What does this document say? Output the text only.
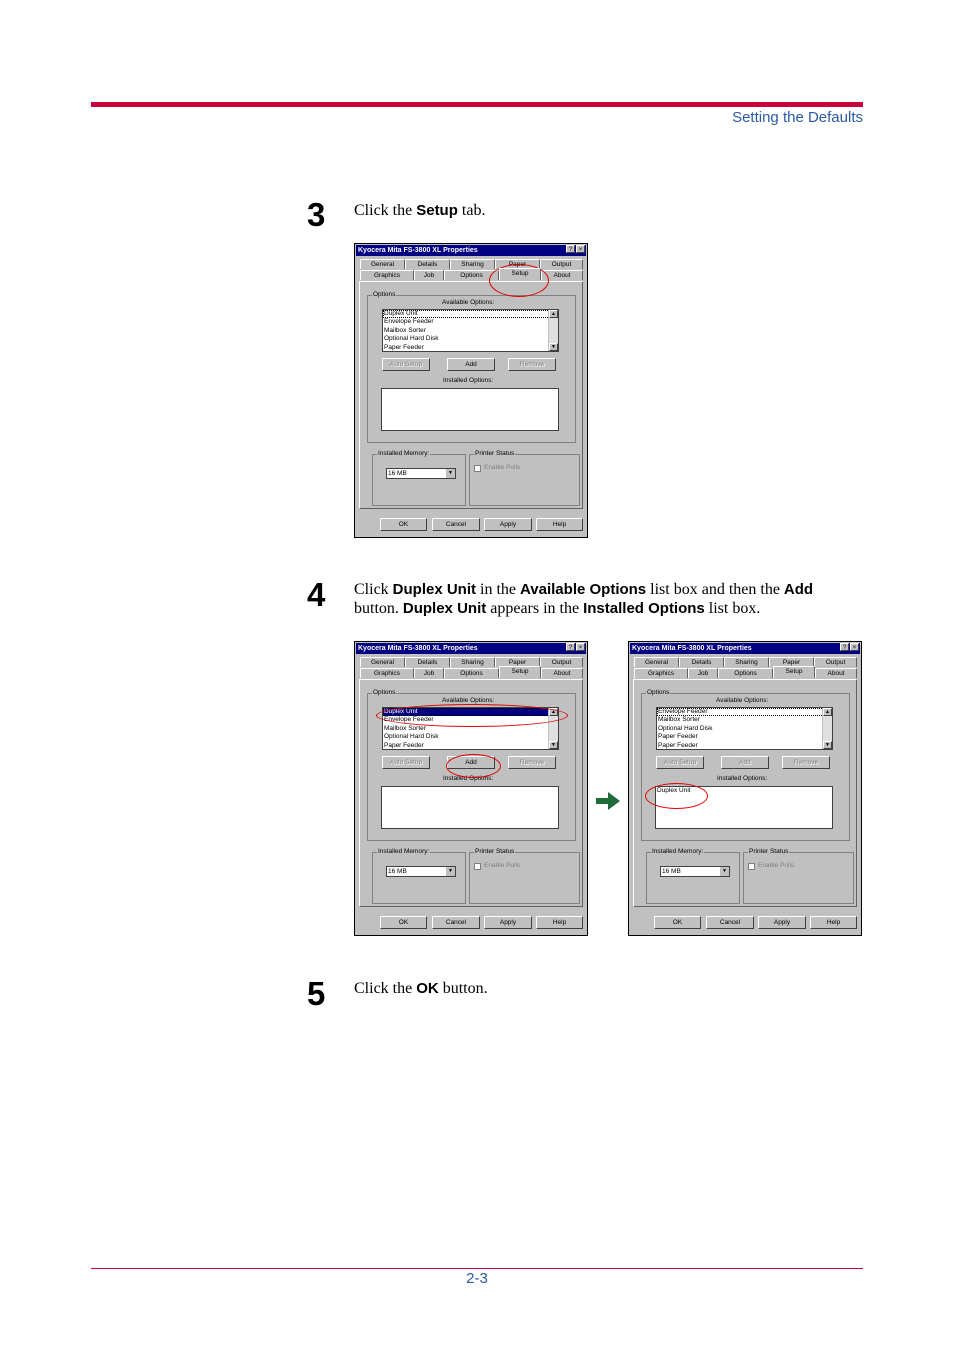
Setting the Defaults
3 Click the Setup tab.
4 Click Duplex Unit in the Available Options list box and then the Add
button. Duplex Unit appears in the Installed Options list box.
5 Click the OK button.
Kyocera Mita FS-3800 XL Properties	?	×
General	Details	Sharing	Paper	Output
Graphics	Job	Options	Setup	About
Options
Available Options:
Duplex Unit
Envelope Feeder
Mailbox Sorter
Optional Hard Disk
Paper Feeder
▲
▼
Auto Setup	Add	Remove
Installed Options:
Installed Memory:
16 MB	▼
Printer Status
Enable Polls
OK	Cancel	Apply	Help
Kyocera Mita FS-3800 XL Properties	?	×
General	Details	Sharing	Paper	Output
Graphics	Job	Options	Setup	About
Options
Available Options:
Duplex Unit
Envelope Feeder
Mailbox Sorter
Optional Hard Disk
Paper Feeder
▲
▼
Auto Setup	Add	Remove
Installed Options:
Installed Memory:
16 MB	▼
Printer Status
Enable Polls
OK	Cancel	Apply	Help
Kyocera Mita FS-3800 XL Properties	?	×
General	Details	Sharing	Paper	Output
Graphics	Job	Options	Setup	About
Options
Available Options:
Envelope Feeder
Mailbox Sorter
Optional Hard Disk
Paper Feeder
Paper Feeder
▲
▼
Auto Setup	Add	Remove
Installed Options:
Duplex Unit
Installed Memory:
16 MB	▼
Printer Status
Enable Polls
OK	Cancel	Apply	Help
2-3
